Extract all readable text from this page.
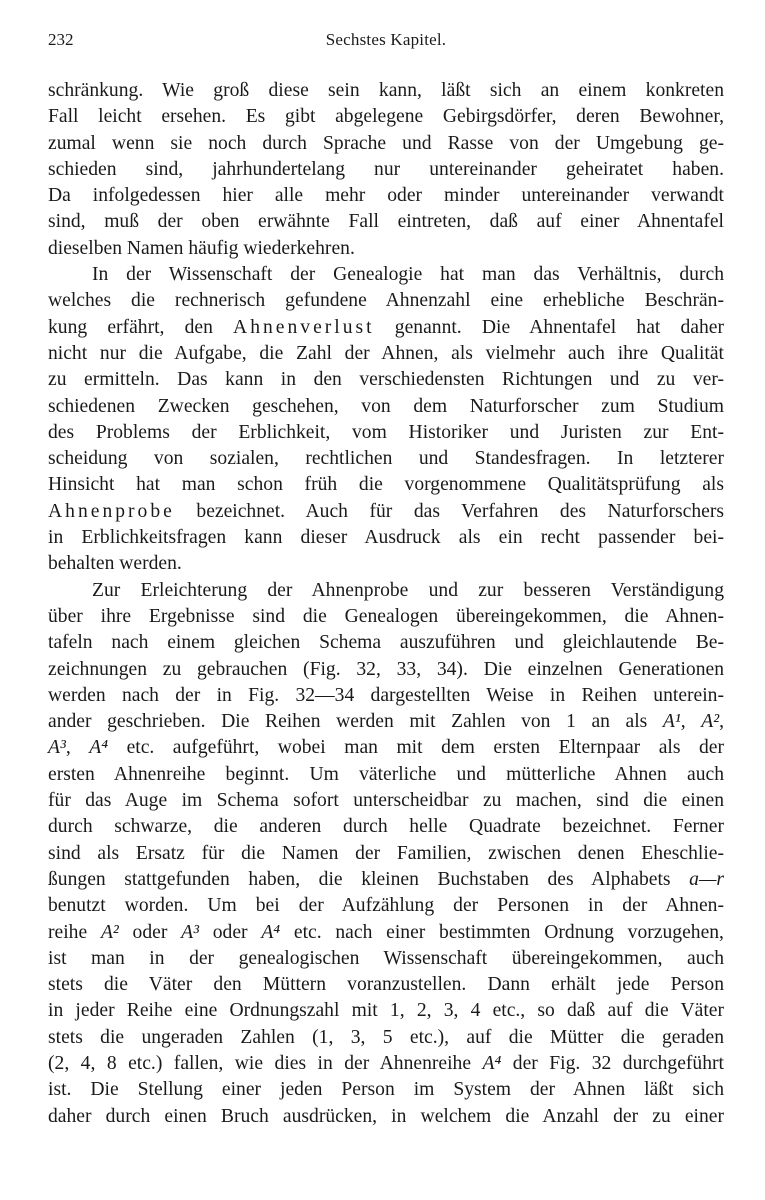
232	Sechstes Kapitel.
schränkung. Wie groß diese sein kann, läßt sich an einem konkreten
Fall leicht ersehen. Es gibt abgelegene Gebirgsdörfer, deren Bewohner,
zumal wenn sie noch durch Sprache und Rasse von der Umgebung ge-
schieden sind, jahrhundertelang nur untereinander geheiratet haben.
Da infolgedessen hier alle mehr oder minder untereinander verwandt
sind, muß der oben erwähnte Fall eintreten, daß auf einer Ahnentafel
dieselben Namen häufig wiederkehren.
In der Wissenschaft der Genealogie hat man das Verhältnis, durch
welches die rechnerisch gefundene Ahnenzahl eine erhebliche Beschrän-
kung erfährt, den Ahnenverlust genannt. Die Ahnentafel hat daher
nicht nur die Aufgabe, die Zahl der Ahnen, als vielmehr auch ihre Qualität
zu ermitteln. Das kann in den verschiedensten Richtungen und zu ver-
schiedenen Zwecken geschehen, von dem Naturforscher zum Studium
des Problems der Erblichkeit, vom Historiker und Juristen zur Ent-
scheidung von sozialen, rechtlichen und Standesfragen. In letzterer
Hinsicht hat man schon früh die vorgenommene Qualitätsprüfung als
Ahnenprobe bezeichnet. Auch für das Verfahren des Naturforschers
in Erblichkeitsfragen kann dieser Ausdruck als ein recht passender bei-
behalten werden.
Zur Erleichterung der Ahnenprobe und zur besseren Verständigung
über ihre Ergebnisse sind die Genealogen übereingekommen, die Ahnen-
tafeln nach einem gleichen Schema auszuführen und gleichlautende Be-
zeichnungen zu gebrauchen (Fig. 32, 33, 34). Die einzelnen Generationen
werden nach der in Fig. 32—34 dargestellten Weise in Reihen unterein-
ander geschrieben. Die Reihen werden mit Zahlen von 1 an als A¹, A²,
A³, A⁴ etc. aufgeführt, wobei man mit dem ersten Elternpaar als der
ersten Ahnenreihe beginnt. Um väterliche und mütterliche Ahnen auch
für das Auge im Schema sofort unterscheidbar zu machen, sind die einen
durch schwarze, die anderen durch helle Quadrate bezeichnet. Ferner
sind als Ersatz für die Namen der Familien, zwischen denen Eheschlie-
ßungen stattgefunden haben, die kleinen Buchstaben des Alphabets a—r
benutzt worden. Um bei der Aufzählung der Personen in der Ahnen-
reihe A² oder A³ oder A⁴ etc. nach einer bestimmten Ordnung vorzugehen,
ist man in der genealogischen Wissenschaft übereingekommen, auch
stets die Väter den Müttern voranzustellen. Dann erhält jede Person
in jeder Reihe eine Ordnungszahl mit 1, 2, 3, 4 etc., so daß auf die Väter
stets die ungeraden Zahlen (1, 3, 5 etc.), auf die Mütter die geraden
(2, 4, 8 etc.) fallen, wie dies in der Ahnenreihe A⁴ der Fig. 32 durchgeführt
ist. Die Stellung einer jeden Person im System der Ahnen läßt sich
daher durch einen Bruch ausdrücken, in welchem die Anzahl der zu einer
